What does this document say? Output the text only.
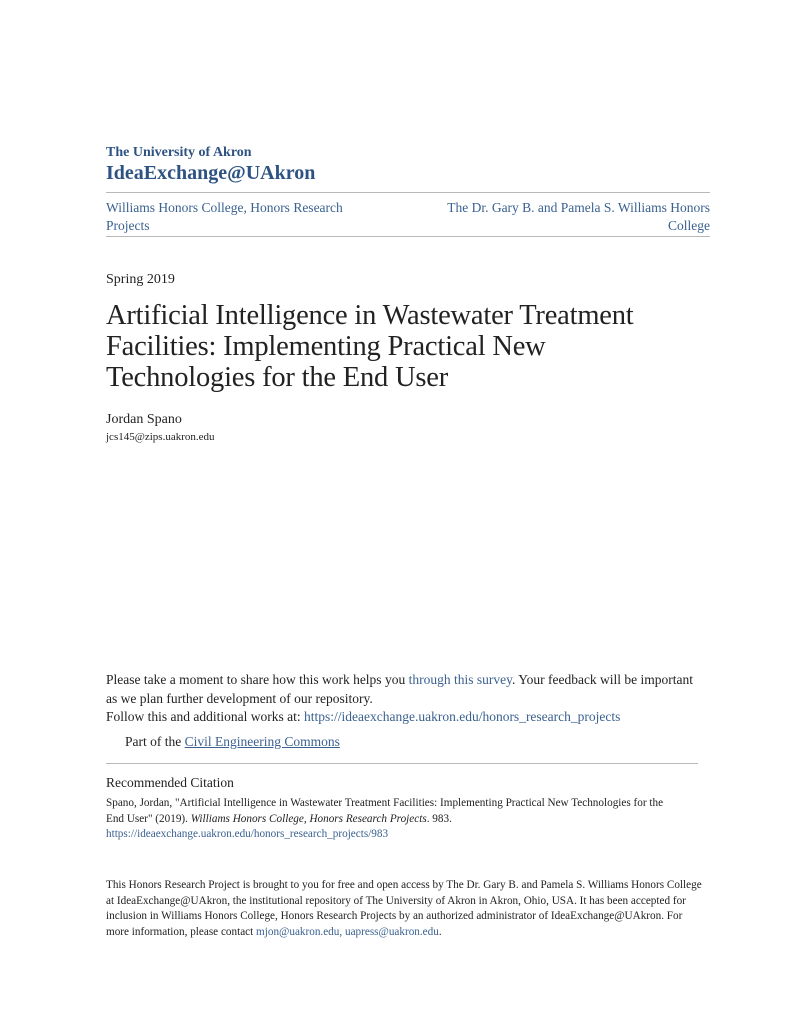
The University of Akron
IdeaExchange@UAkron
Williams Honors College, Honors Research
Projects
The Dr. Gary B. and Pamela S. Williams Honors
College
Spring 2019
Artificial Intelligence in Wastewater Treatment
Facilities: Implementing Practical New
Technologies for the End User
Jordan Spano
jcs145@zips.uakron.edu
Please take a moment to share how this work helps you through this survey. Your feedback will be important as we plan further development of our repository.
Follow this and additional works at: https://ideaexchange.uakron.edu/honors_research_projects
Part of the Civil Engineering Commons
Recommended Citation
Spano, Jordan, "Artificial Intelligence in Wastewater Treatment Facilities: Implementing Practical New Technologies for the End User" (2019). Williams Honors College, Honors Research Projects. 983.
https://ideaexchange.uakron.edu/honors_research_projects/983
This Honors Research Project is brought to you for free and open access by The Dr. Gary B. and Pamela S. Williams Honors College at IdeaExchange@UAkron, the institutional repository of The University of Akron in Akron, Ohio, USA. It has been accepted for inclusion in Williams Honors College, Honors Research Projects by an authorized administrator of IdeaExchange@UAkron. For more information, please contact mjon@uakron.edu, uapress@uakron.edu.
